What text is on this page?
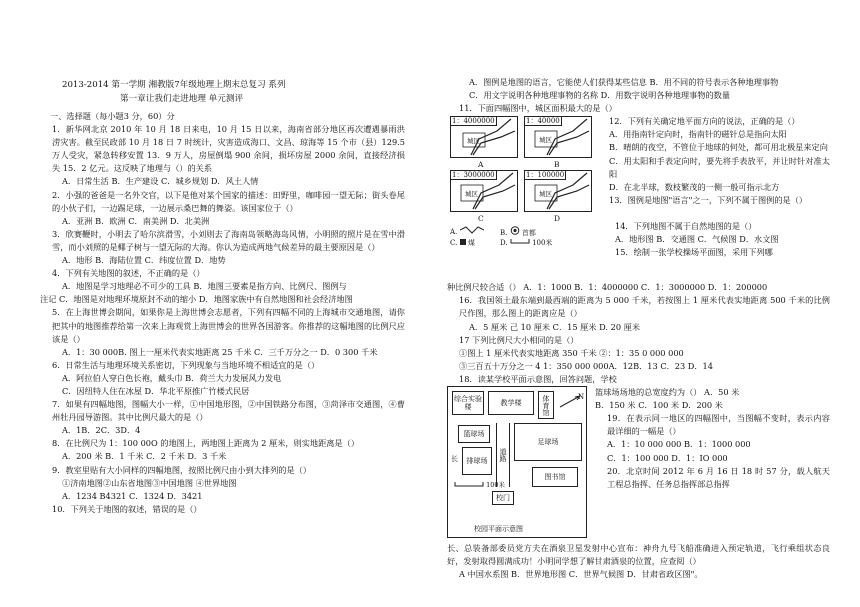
2013-2014 第一学期 湘教版7年级地理上期末总复习 系列
第一章让我们走进地理 单元测评
一、选择题（每小题3 分，60）分
1．新华网北京 2010 年 10 月 18 日来电，10 月 15 日以来，海南省部分地区再次遭遇暴雨洪涝灾害。截至民政部 10 月 18 日 7 时统计，灾害造成海口、文昌、琼海等 15 个市（县）129.5 万人受灾，紧急转移安置 13．9 万人，房屋倒塌 900 余间，损坏房屋 2000 余间，直接经济损失 15．2 亿元。这反映了地理与（）的关系
A．日常生活 B．生产建设 C．城乡规划 D．风土人情
2．小强的爸爸是一名外交官，以下是他对某个国家的描述：田野里，咖啡园一望无际；街头卷尾的小伙子们，一边踢足球，一边展示桑巴舞的舞姿。该国家位于（）
A．亚洲 B．欧洲 C．南美洲 D．北美洲
3．欣赛鞭时，小明去了哈尔滨滑雪，小刘则去了海南岛领略海岛风情，小明照的照片是在雪中滑雪，而小刘照的是椰子树与一望无际的大海。你认为造成两地气候差异的最主要原因是（）
A．地形 B．海陆位置 C．纬度位置 D．地势
4．下列有关地图的叙述，不正确的是（）
A．地图是学习地理必不可少的工具 B．地图三要素是指方向、比例尺、图例与
注记 C．地图是对地理环境原封不动的缩小 D．地图家族中有自然地图和社会经济地图
5．在上海世博会期间，如果你是上海世博会志愿者，下列有四幅不同的上海城市交通地图，请你把其中的地图推荐给第一次来上海观赏上海世博会的世界各国游客。你推荐的这幅地图的比例尺应该是（）
A．1：30 000B. 图上一厘米代表实地距离 25 千米 C．三千万分之一 D．0 300 千米
6．日常生活与地理环境关系密切，下列现象与当地环境不相适宜的是（）
A．阿拉伯人穿白色长袍，戴头巾 B．荷兰大力发展风力发电
C．因纽特人住在冰屋 D．华北平原推广竹楼式民居
7．如果有四幅地图，图幅大小一样，①中国地形图，②中国铁路分布图，③菏泽市交通图，④曹州牡丹园导游图。其中比例尺最大的是（）
A．1B．2C．3D．4
8．在比例尺为 1：100 00O 的地图上，两地图上距离为 2 厘米，则实地距离是（）
A．200 米 B．1 千米 C．2 千米 D．3 千米
9．教室里贴有大小同样的四幅地图，按照比例尺由小到大排列的是（）
①济南地图②山东省地图③中国地图 ④世界地图
A．1234 B4321 C．1324 D．3421
10．下列关于地图的叙述，错误的是（）
A．图例是地图的语言，它能使人们获得某些信息 B．用不同的符号表示各种地理事物
C．用文字说明各种地理事物的名称 D．用数字说明各种地理事物的数量
11．下面四幅图中，城区面积最大的是（）
1：4000000
城区
1：40000
城区
A	B
1：3000000
城区
1：100000
城区
C	D
A.	B. 首都
C. 煤	D.	100米
12．下列有关确定地平面方向的说法，正确的是（）
A．用指南针定向时，指南针的磁针总是指向太阳
B．晴朗的夜空，不管位于地球的何处，都可用北极星来定向
C．用太阳和手表定向时，要先将手表放平，并让时针对准太阳
D．在北半球，数枝繁茂的一侧一般可指示北方
13．图例是地图"语言"之一，下列不属于图例的是（）
14．下列地图不属于自然地图的是（）
A．地形图 B．交通图 C．气候图 D．水文图
15．绘制一张学校操场平面图，采用下列哪
种比例尺较合适（） A．1：1000 B．1：4000000 C．1：3000000 D．1：200000
16．我国领土最东端到最西端的距离为 5 000 千米，若按图上 1 厘米代表实地距离 500 千米的比例尺作图，那么图上的距离应是（）
A．5 厘米 己 10 厘米 C．15 厘米 D. 20 厘米
17 下列比例尺大小相同的是（）
①图上 1 厘米代表实地距离 350 千米 ②：1：35 0 000 000
③三百五十万分之一 4 1：350 000 000A．12B．13 C．23 D．14
18．读某学校平面示意图，回答问题，学校
综合实验楼	教学楼	体育馆	N
篮球场
长	排球场	道路
足球场
图书馆
校门
100米
校园平面示意图
篮球场场地的总宽度约为（） A．50 米
B．150 米 C．100 米 D．200 米
19．在表示同一地区的四幅图中，当图幅不变时，表示内容最详细的一幅是（）
A．1：10 000 000 B．1：1000 000
C．1：100 000 D．1：IO 000
20．北京时间 2012 年 6 月 16 日 18 时 57 分，载人航天工程总指挥、任务总指挥部总指挥
长、总装备部委员党方夫在酒泉卫星发射中心宣布：神舟九号飞船准确进入预定轨道，飞行乘组状态良好，发射取得圆满成功！小明同学想了解甘肃酒泉的位置，应查阅（）
A 中国水系图 B．世界地形图 C．世界气候图 D．甘肃省政区图"。
